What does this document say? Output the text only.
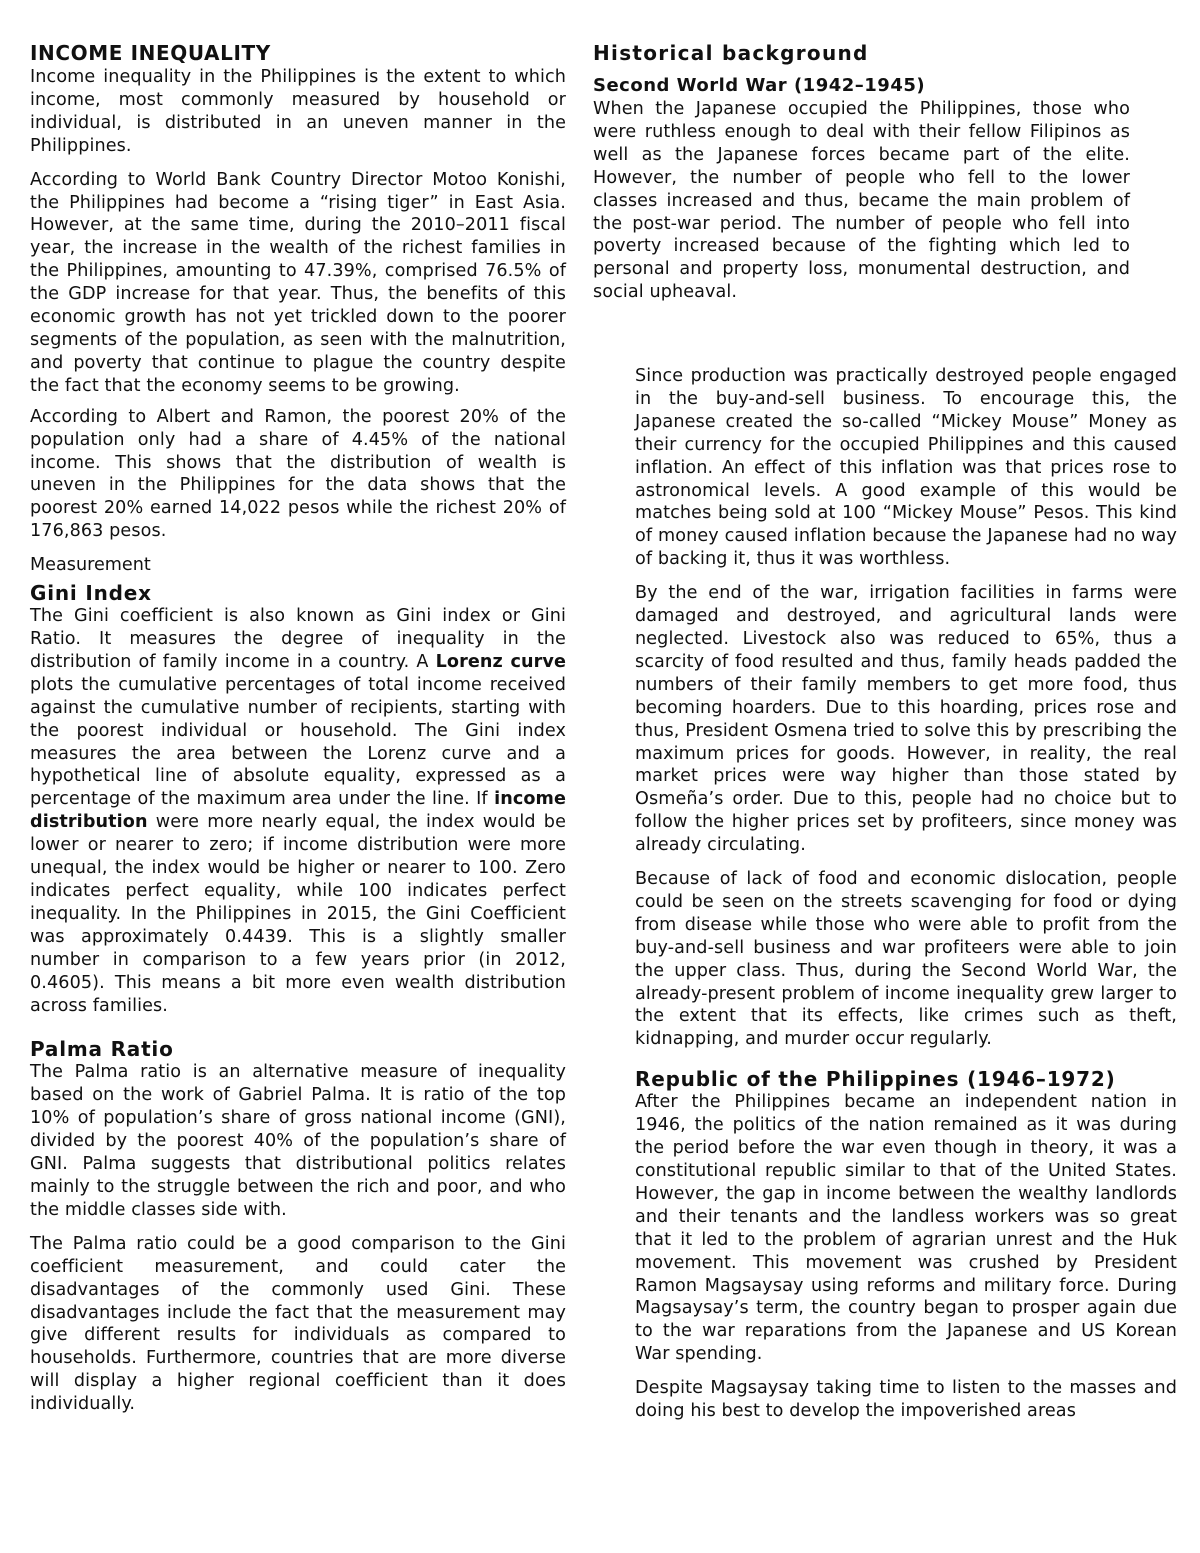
INCOME INEQUALITY

Income inequality in the Philippines is the extent to which income, most commonly measured by household or individual, is distributed in an uneven manner in the Philippines.

According to World Bank Country Director Motoo Konishi, the Philippines had become a “rising tiger” in East Asia. However, at the same time, during the 2010–2011 fiscal year, the increase in the wealth of the richest families in the Philippines, amounting to 47.39%, comprised 76.5% of the GDP increase for that year. Thus, the benefits of this economic growth has not yet trickled down to the poorer segments of the population, as seen with the malnutrition, and poverty that continue to plague the country despite the fact that the economy seems to be growing.

According to Albert and Ramon, the poorest 20% of the population only had a share of 4.45% of the national income. This shows that the distribution of wealth is uneven in the Philippines for the data shows that the poorest 20% earned 14,022 pesos while the richest 20% of 176,863 pesos.

Measurement
Gini Index

The Gini coefficient is also known as Gini index or Gini Ratio. It measures the degree of inequality in the distribution of family income in a country. A Lorenz curve plots the cumulative percentages of total income received against the cumulative number of recipients, starting with the poorest individual or household. The Gini index measures the area between the Lorenz curve and a hypothetical line of absolute equality, expressed as a percentage of the maximum area under the line. If income distribution were more nearly equal, the index would be lower or nearer to zero; if income distribution were more unequal, the index would be higher or nearer to 100. Zero indicates perfect equality, while 100 indicates perfect inequality. In the Philippines in 2015, the Gini Coefficient was approximately 0.4439. This is a slightly smaller number in comparison to a few years prior (in 2012, 0.4605). This means a bit more even wealth distribution across families.

Palma Ratio

The Palma ratio is an alternative measure of inequality based on the work of Gabriel Palma. It is ratio of the top 10% of population’s share of gross national income (GNI), divided by the poorest 40% of the population’s share of GNI. Palma suggests that distributional politics relates mainly to the struggle between the rich and poor, and who the middle classes side with.

The Palma ratio could be a good comparison to the Gini coefficient measurement, and could cater the disadvantages of the commonly used Gini. These disadvantages include the fact that the measurement may give different results for individuals as compared to households. Furthermore, countries that are more diverse will display a higher regional coefficient than it does individually.

Historical background
Second World War (1942–1945)

When the Japanese occupied the Philippines, those who were ruthless enough to deal with their fellow Filipinos as well as the Japanese forces became part of the elite. However, the number of people who fell to the lower classes increased and thus, became the main problem of the post-war period. The number of people who fell into poverty increased because of the fighting which led to personal and property loss, monumental destruction, and social upheaval.

Since production was practically destroyed people engaged in the buy-and-sell business. To encourage this, the Japanese created the so-called “Mickey Mouse” Money as their currency for the occupied Philippines and this caused inflation. An effect of this inflation was that prices rose to astronomical levels. A good example of this would be matches being sold at 100 “Mickey Mouse” Pesos. This kind of money caused inflation because the Japanese had no way of backing it, thus it was worthless.

By the end of the war, irrigation facilities in farms were damaged and destroyed, and agricultural lands were neglected. Livestock also was reduced to 65%, thus a scarcity of food resulted and thus, family heads padded the numbers of their family members to get more food, thus becoming hoarders. Due to this hoarding, prices rose and thus, President Osmena tried to solve this by prescribing the maximum prices for goods. However, in reality, the real market prices were way higher than those stated by Osmeña’s order. Due to this, people had no choice but to follow the higher prices set by profiteers, since money was already circulating.

Because of lack of food and economic dislocation, people could be seen on the streets scavenging for food or dying from disease while those who were able to profit from the buy-and-sell business and war profiteers were able to join the upper class. Thus, during the Second World War, the already-present problem of income inequality grew larger to the extent that its effects, like crimes such as theft, kidnapping, and murder occur regularly.

Republic of the Philippines (1946–1972)

After the Philippines became an independent nation in 1946, the politics of the nation remained as it was during the period before the war even though in theory, it was a constitutional republic similar to that of the United States. However, the gap in income between the wealthy landlords and their tenants and the landless workers was so great that it led to the problem of agrarian unrest and the Huk movement. This movement was crushed by President Ramon Magsaysay using reforms and military force. During Magsaysay’s term, the country began to prosper again due to the war reparations from the Japanese and US Korean War spending.

Despite Magsaysay taking time to listen to the masses and doing his best to develop the impoverished areas
